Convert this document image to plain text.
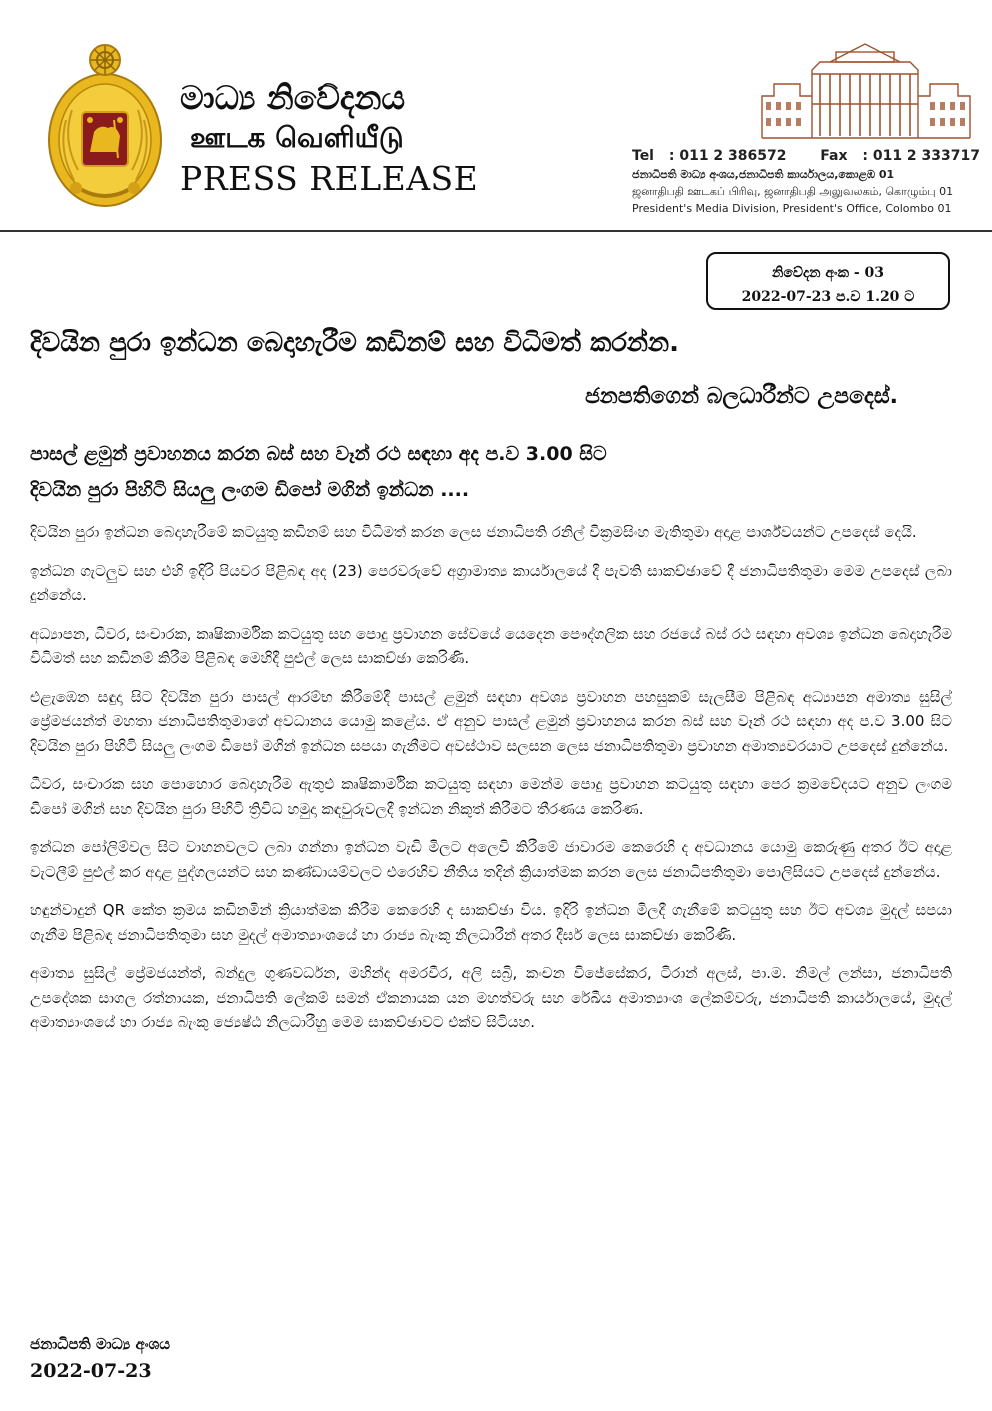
මාධ්‍ය නිවේදනය
ஊடக வெளியீடு
PRESS RELEASE
Tel : 011 2 386572 Fax : 011 2 333717
ජනාධිපති මාධ්‍ය අංශය,ජනාධිපති කාර්යාලය,කොළඹ 01
ஜனாதிபதி ஊடகப் பிரிவு, ஜனாதிபதி அலுவலகம், கொழும்பு 01
President's Media Division, President's Office, Colombo 01
නිවේදන අංක - 03
2022-07-23 ප.ව 1.20 ට
දිවයින පුරා ඉන්ධන බෙදාහැරීම කඩිනම් සහ විධිමත් කරන්න.
ජනපතිගෙන් බලධාරීන්ට උපදෙස්.
පාසල් ළමුන් ප්‍රවාහනය කරන බස් සහ වෑන් රථ සඳහා අද ප.ව 3.00 සිට
දිවයින පුරා පිහිටි සියලු ලංගම ඩිපෝ මගින් ඉන්ධන ....

දිවයින පුරා ඉන්ධන බෙදාහැරීමේ කටයුතු කඩිනම් සහ විධිමත් කරන ලෙස ජනාධිපති රනිල් වික්‍රමසිංහ මැතිතුමා අදාළ පාර්ශ්වයන්ට උපදෙස් දෙයි.

ඉන්ධන ගැටලුව සහ එහි ඉදිරි පියවර පිළිබඳ අද (23) පෙරවරුවේ අග්‍රාමාත්‍ය කාර්යාලයේ දී පැවති සාකච්ඡාවේ දී ජනාධිපතිතුමා මෙම උපදෙස් ලබා දුන්නේය.

අධ්‍යාපන, ධීවර, සංචාරක, කෘෂිකාර්මික කටයුතු සහ පොදු ප්‍රවාහන සේවයේ යෙදෙන පෞද්ගලික සහ රජයේ බස් රථ සඳහා අවශ්‍ය ඉන්ධන බෙදාහැරීම විධිමත් සහ කඩිනම් කිරීම පිළිබඳ මෙහිදී පුළුල් ලෙස සාකච්ඡා කෙරිණි.

එළැඹෙන සඳුදා සිට දිවයින පුරා පාසල් ආරම්භ කිරීමේදී පාසල් ළමුන් සඳහා අවශ්‍ය ප්‍රවාහන පහසුකම් සැලසීම පිළිබඳ අධ්‍යාපන අමාත්‍ය සුසිල් ප්‍රේමජයන්ත් මහතා ජනාධිපතිතුමාගේ අවධානය යොමු කළේය. ඒ අනුව පාසල් ළමුන් ප්‍රවාහනය කරන බස් සහ වෑන් රථ සඳහා අද ප.ව 3.00 සිට දිවයින පුරා පිහිටි සියලු ලංගම ඩිපෝ මගින් ඉන්ධන සපයා ගැනීමට අවස්ථාව සලසන ලෙස ජනාධිපතිතුමා ප්‍රවාහන අමාත්‍යවරයාට උපදෙස් දුන්නේය.

ධීවර, සංචාරක සහ පොහොර බෙදාහැරීම ඇතුළු කෘෂිකාර්මික කටයුතු සඳහා මෙන්ම පොදු ප්‍රවාහන කටයුතු සඳහා පෙර ක්‍රමවේදයට අනුව ලංගම ඩිපෝ මගින් සහ දිවයින පුරා පිහිටි ත්‍රිවිධ හමුදා කඳවුරුවලදී ඉන්ධන නිකුත් කිරීමට තීරණය කෙරිණ.

ඉන්ධන පෝලිම්වල සිට වාහනවලට ලබා ගන්නා ඉන්ධන වැඩි මිලට අලෙවි කිරීමේ ජාවාරම කෙරෙහි ද අවධානය යොමු කෙරුණු අතර ඊට අදාළ වැටලීම් පුළුල් කර අදාළ පුද්ගලයන්ට සහ කණ්ඩායම්වලට එරෙහිව නීතිය තදින් ක්‍රියාත්මක කරන ලෙස ජනාධිපතිතුමා පොලිසියට උපදෙස් දුන්නේය.

හඳුන්වාදුන් QR කේත ක්‍රමය කඩිනමින් ක්‍රියාත්මක කිරීම කෙරෙහි ද සාකච්ඡා විය. ඉදිරි ඉන්ධන මිලදී ගැනීමේ කටයුතු සහ ඊට අවශ්‍ය මුදල් සපයා ගැනීම පිළිබඳ ජනාධිපතිතුමා සහ මුදල් අමාත්‍යාංශයේ හා රාජ්‍ය බැංකු නිලධාරීන් අතර දීර්ඝ ලෙස සාකච්ඡා කෙරිණි.

අමාත්‍ය සුසිල් ප්‍රේමජයන්ත්, බන්දුල ගුණවර්ධන, මහින්ද අමරවීර, අලි සබ්‍රි, කංචන විජේසේකර, ටිරාන් අලස්, පා.ම. නිමල් ලන්සා, ජනාධිපති උපදේශක සාගල රත්නායක, ජනාධිපති ලේකම් සමන් ඒකනායක යන මහත්වරු සහ රේඛීය අමාත්‍යාංශ ලේකම්වරු, ජනාධිපති කාර්යාලයේ, මුදල් අමාත්‍යාංශයේ හා රාජ්‍ය බැංකු ජ්‍යෙෂ්ඨ නිලධාරීහු මෙම සාකච්ඡාවට එක්ව සිටියහ.

ජනාධිපති මාධ්‍ය අංශය
2022-07-23
